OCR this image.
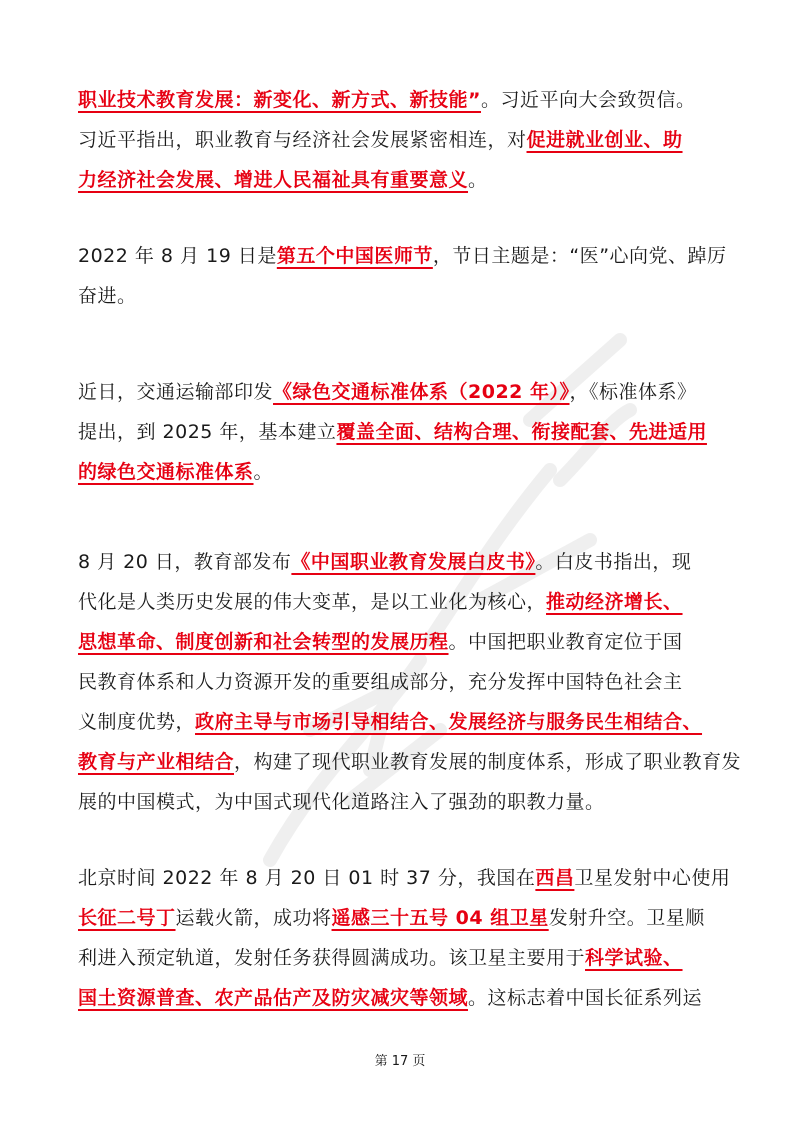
职业技术教育发展：新变化、新方式、新技能”。习近平向大会致贺信。
习近平指出，职业教育与经济社会发展紧密相连，对促进就业创业、助
力经济社会发展、增进人民福祉具有重要意义。
2022 年 8 月 19 日是第五个中国医师节，节日主题是：“医”心向党、踔厉
奋进。
近日，交通运输部印发《绿色交通标准体系（2022 年）》，《标准体系》
提出，到 2025 年，基本建立覆盖全面、结构合理、衔接配套、先进适用
的绿色交通标准体系。
8 月 20 日，教育部发布《中国职业教育发展白皮书》。白皮书指出，现
代化是人类历史发展的伟大变革，是以工业化为核心，推动经济增长、
思想革命、制度创新和社会转型的发展历程。中国把职业教育定位于国
民教育体系和人力资源开发的重要组成部分，充分发挥中国特色社会主
义制度优势，政府主导与市场引导相结合、发展经济与服务民生相结合、
教育与产业相结合，构建了现代职业教育发展的制度体系，形成了职业教育发
展的中国模式，为中国式现代化道路注入了强劲的职教力量。
北京时间 2022 年 8 月 20 日 01 时 37 分，我国在西昌卫星发射中心使用
长征二号丁运载火箭，成功将遥感三十五号 04 组卫星发射升空。卫星顺
利进入预定轨道，发射任务获得圆满成功。该卫星主要用于科学试验、
国土资源普查、农产品估产及防灾减灾等领域。这标志着中国长征系列运
第 17 页
